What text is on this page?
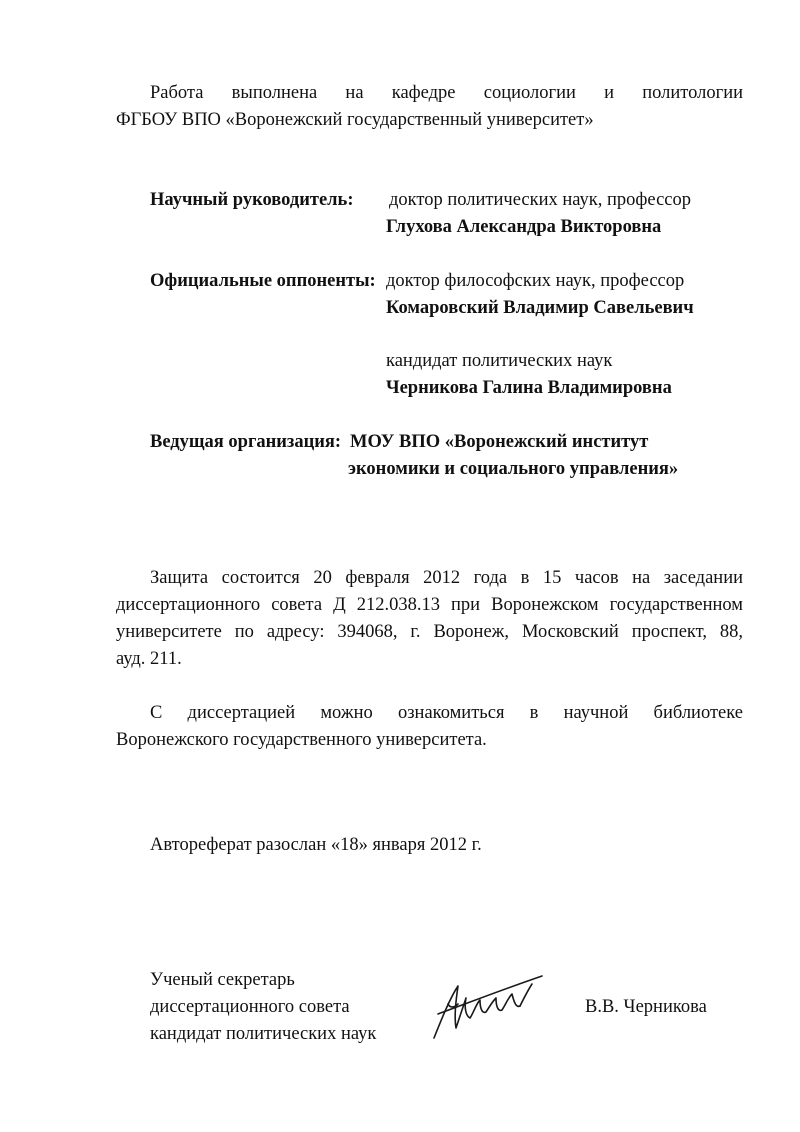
Работа выполнена на кафедре социологии и политологии
ФГБОУ ВПО «Воронежский государственный университет»
Научный руководитель: доктор политических наук, профессор
Глухова Александра Викторовна
Официальные оппоненты: доктор философских наук, профессор
Комаровский Владимир Савельевич
кандидат политических наук
Черникова Галина Владимировна
Ведущая организация: МОУ ВПО «Воронежский институт
экономики и социального управления»
Защита состоится 20 февраля 2012 года в 15 часов на заседании
диссертационного совета Д 212.038.13 при Воронежском государственном
университете по адресу: 394068, г. Воронеж, Московский проспект, 88,
ауд. 211.
С диссертацией можно ознакомиться в научной библиотеке
Воронежского государственного университета.
Автореферат разослан «18» января 2012 г.
Ученый секретарь
диссертационного совета
кандидат политических наук
В.В. Черникова
